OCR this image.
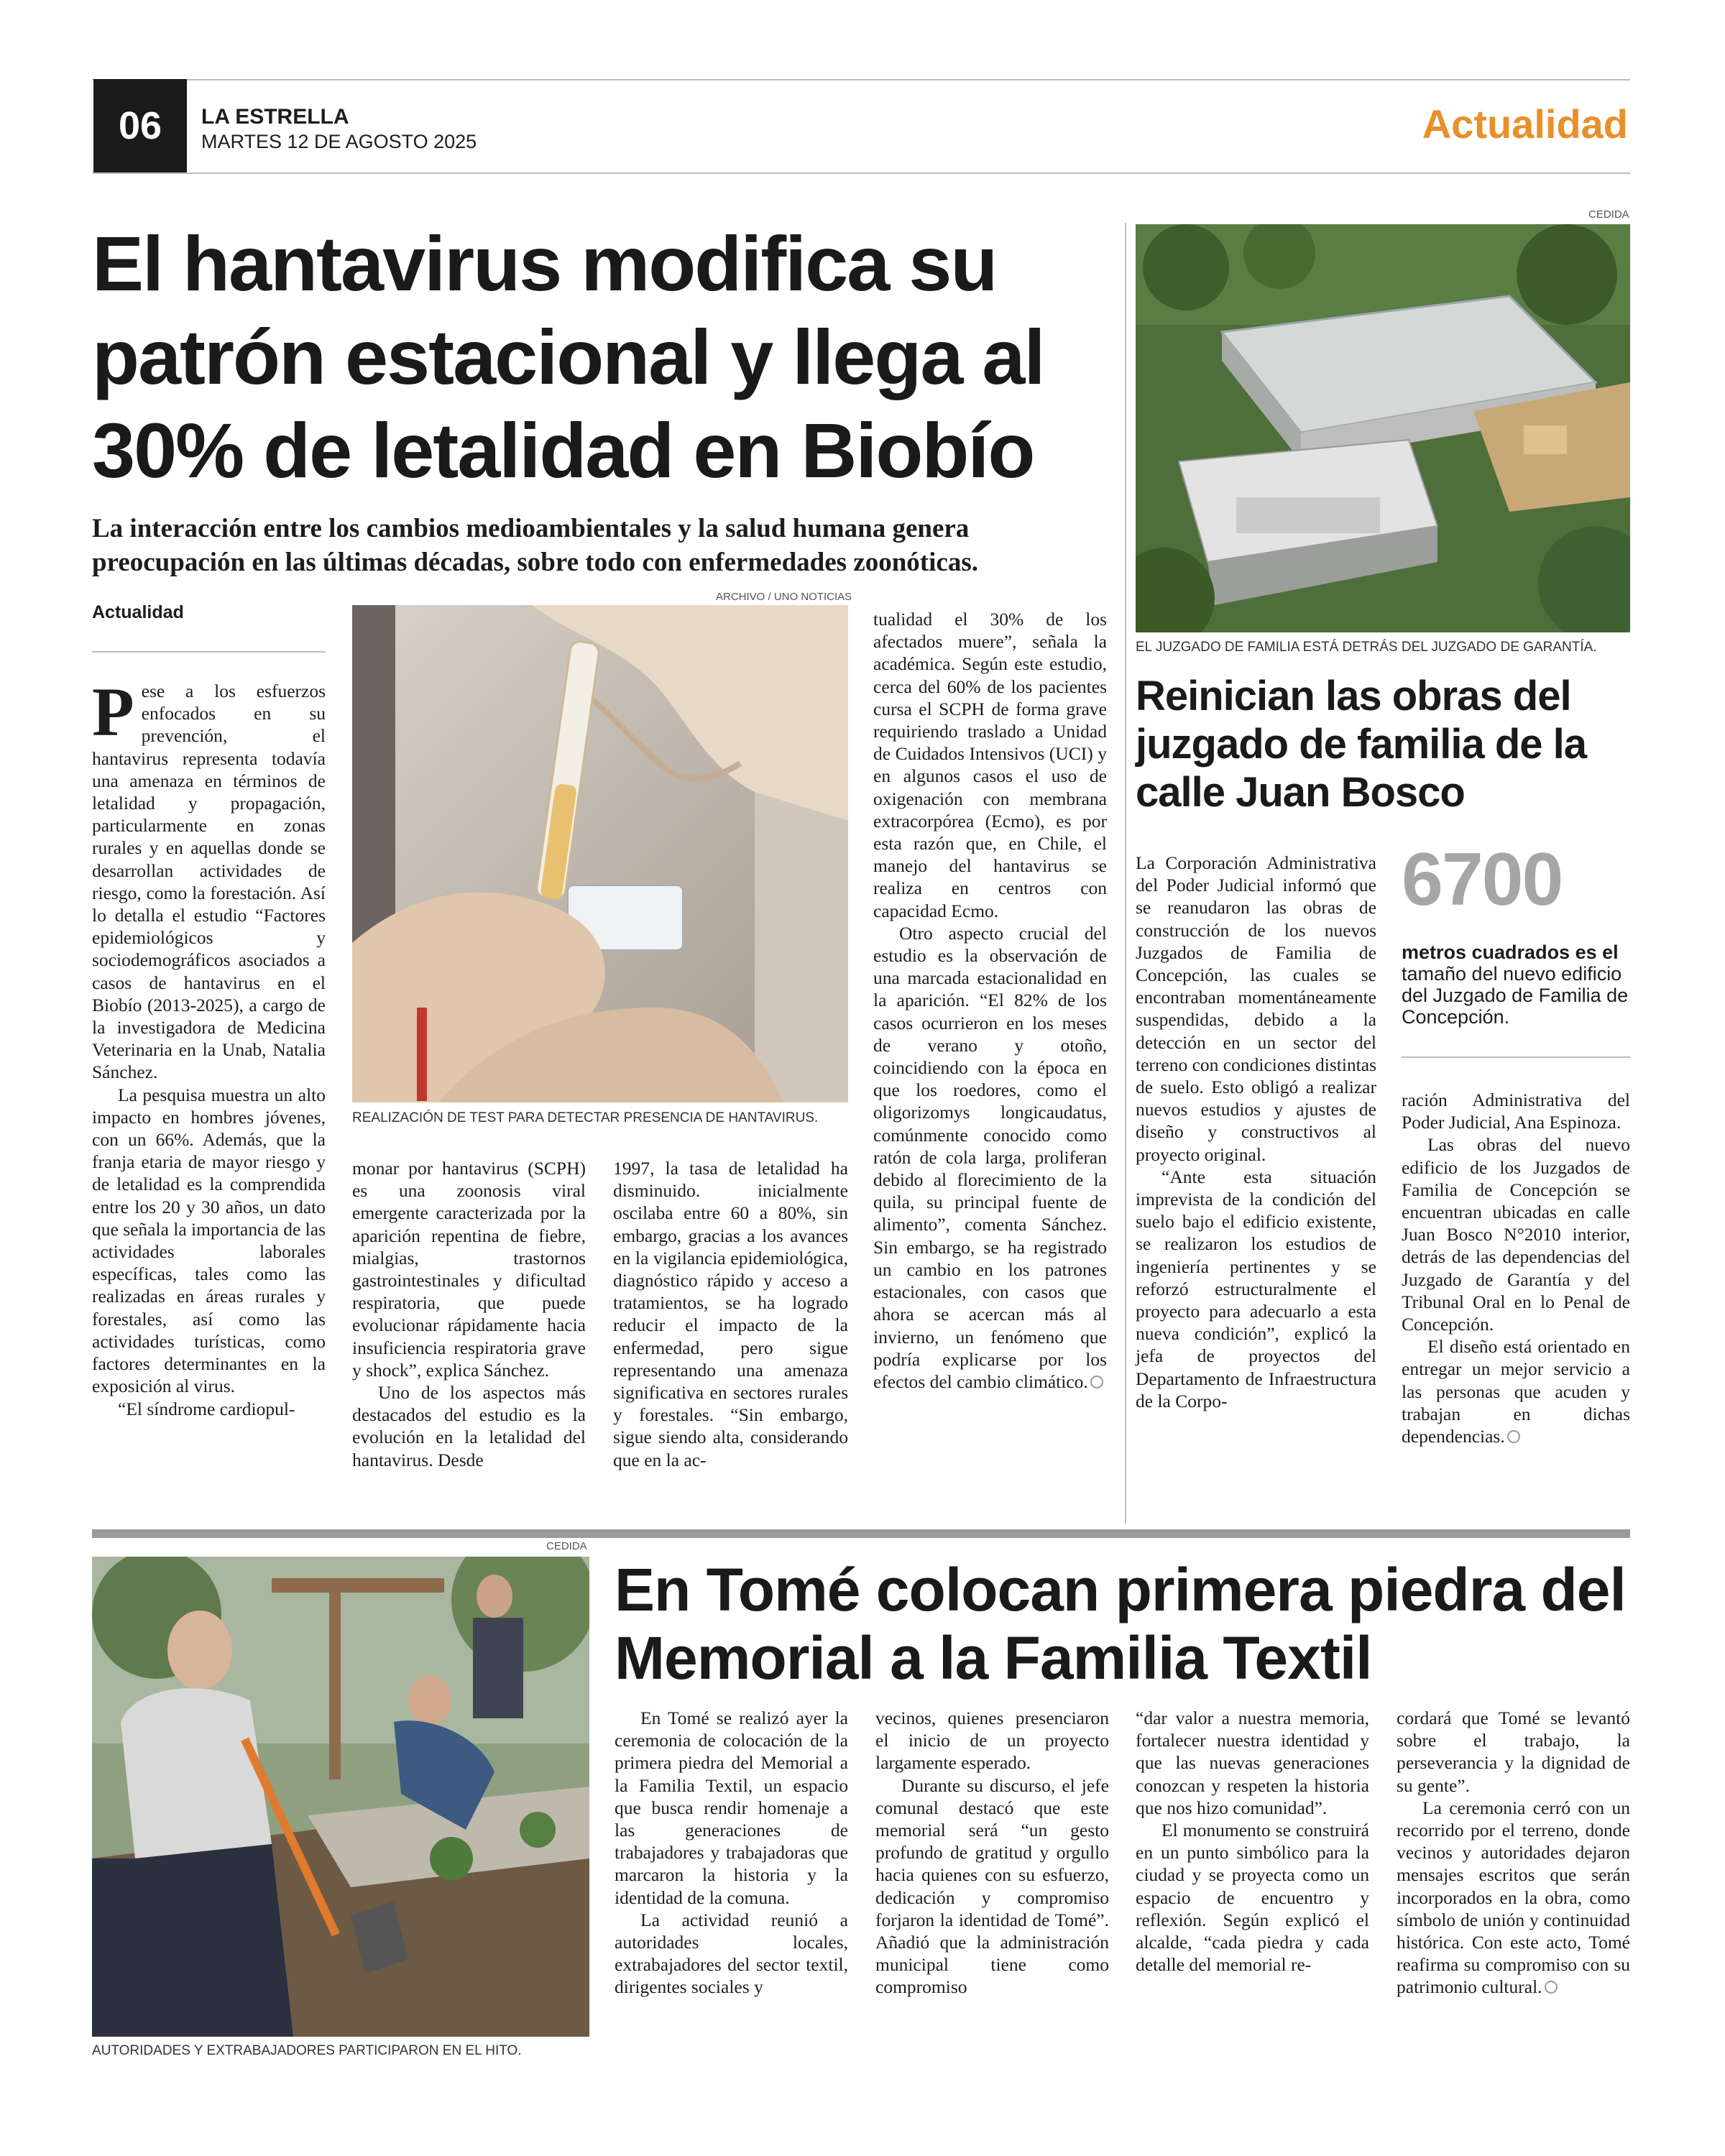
06	LA ESTRELLA
MARTES 12 DE AGOSTO 2025	Actualidad
El hantavirus modifica su patrón estacional y llega al 30% de letalidad en Biobío
La interacción entre los cambios medioambientales y la salud humana genera preocupación en las últimas décadas, sobre todo con enfermedades zoonóticas.
Actualidad
ARCHIVO / UNO NOTICIAS
REALIZACIÓN DE TEST PARA DETECTAR PRESENCIA DE HANTAVIRUS.

Pese a los esfuerzos enfocados en su prevención, el hantavirus representa todavía una amenaza en términos de letalidad y propagación, particularmente en zonas rurales y en aquellas donde se desarrollan actividades de riesgo, como la forestación. Así lo detalla el estudio “Factores epidemiológicos y sociodemográficos asociados a casos de hantavirus en el Biobío (2013-2025), a cargo de la investigadora de Medicina Veterinaria en la Unab, Natalia Sánchez.

La pesquisa muestra un alto impacto en hombres jóvenes, con un 66%. Además, que la franja etaria de mayor riesgo y de letalidad es la comprendida entre los 20 y 30 años, un dato que señala la importancia de las actividades laborales específicas, tales como las realizadas en áreas rurales y forestales, así como las actividades turísticas, como factores determinantes en la exposición al virus.

“El síndrome cardiopul-

monar por hantavirus (SCPH) es una zoonosis viral emergente caracterizada por la aparición repentina de fiebre, mialgias, trastornos gastrointestinales y dificultad respiratoria, que puede evolucionar rápidamente hacia insuficiencia respiratoria grave y shock”, explica Sánchez.

Uno de los aspectos más destacados del estudio es la evolución en la letalidad del hantavirus. Desde

1997, la tasa de letalidad ha disminuido. inicialmente oscilaba entre 60 a 80%, sin embargo, gracias a los avances en la vigilancia epidemiológica, diagnóstico rápido y acceso a tratamientos, se ha logrado reducir el impacto de la enfermedad, pero sigue representando una amenaza significativa en sectores rurales y forestales. “Sin embargo, sigue siendo alta, considerando que en la ac-

tualidad el 30% de los afectados muere”, señala la académica. Según este estudio, cerca del 60% de los pacientes cursa el SCPH de forma grave requiriendo traslado a Unidad de Cuidados Intensivos (UCI) y en algunos casos el uso de oxigenación con membrana extracorpórea (Ecmo), es por esta razón que, en Chile, el manejo del hantavirus se realiza en centros con capacidad Ecmo.

Otro aspecto crucial del estudio es la observación de una marcada estacionalidad en la aparición. “El 82% de los casos ocurrieron en los meses de verano y otoño, coincidiendo con la época en que los roedores, como el oligorizomys longicaudatus, comúnmente conocido como ratón de cola larga, proliferan debido al florecimiento de la quila, su principal fuente de alimento”, comenta Sánchez. Sin embargo, se ha registrado un cambio en los patrones estacionales, con casos que ahora se acercan más al invierno, un fenómeno que podría explicarse por los efectos del cambio climático.

CEDIDA
EL JUZGADO DE FAMILIA ESTÁ DETRÁS DEL JUZGADO DE GARANTÍA.
Reinician las obras del juzgado de familia de la calle Juan Bosco

La Corporación Administrativa del Poder Judicial informó que se reanudaron las obras de construcción de los nuevos Juzgados de Familia de Concepción, las cuales se encontraban momentáneamente suspendidas, debido a la detección en un sector del terreno con condiciones distintas de suelo. Esto obligó a realizar nuevos estudios y ajustes de diseño y constructivos al proyecto original.

“Ante esta situación imprevista de la condición del suelo bajo el edificio existente, se realizaron los estudios de ingeniería pertinentes y se reforzó estructuralmente el proyecto para adecuarlo a esta nueva condición”, explicó la jefa de proyectos del Departamento de Infraestructura de la Corpo-

6700
metros cuadrados es el tamaño del nuevo edificio del Juzgado de Familia de Concepción.

ración Administrativa del Poder Judicial, Ana Espinoza.

Las obras del nuevo edificio de los Juzgados de Familia de Concepción se encuentran ubicadas en calle Juan Bosco N°2010 interior, detrás de las dependencias del Juzgado de Garantía y del Tribunal Oral en lo Penal de Concepción.

El diseño está orientado en entregar un mejor servicio a las personas que acuden y trabajan en dichas dependencias.

CEDIDA
AUTORIDADES Y EXTRABAJADORES PARTICIPARON EN EL HITO.
En Tomé colocan primera piedra del Memorial a la Familia Textil

En Tomé se realizó ayer la ceremonia de colocación de la primera piedra del Memorial a la Familia Textil, un espacio que busca rendir homenaje a las generaciones de trabajadores y trabajadoras que marcaron la historia y la identidad de la comuna.

La actividad reunió a autoridades locales, extrabajadores del sector textil, dirigentes sociales y

vecinos, quienes presenciaron el inicio de un proyecto largamente esperado.

Durante su discurso, el jefe comunal destacó que este memorial será “un gesto profundo de gratitud y orgullo hacia quienes con su esfuerzo, dedicación y compromiso forjaron la identidad de Tomé”. Añadió que la administración municipal tiene como compromiso

“dar valor a nuestra memoria, fortalecer nuestra identidad y que las nuevas generaciones conozcan y respeten la historia que nos hizo comunidad”.

El monumento se construirá en un punto simbólico para la ciudad y se proyecta como un espacio de encuentro y reflexión. Según explicó el alcalde, “cada piedra y cada detalle del memorial re-

cordará que Tomé se levantó sobre el trabajo, la perseverancia y la dignidad de su gente”.

La ceremonia cerró con un recorrido por el terreno, donde vecinos y autoridades dejaron mensajes escritos que serán incorporados en la obra, como símbolo de unión y continuidad histórica. Con este acto, Tomé reafirma su compromiso con su patrimonio cultural.
